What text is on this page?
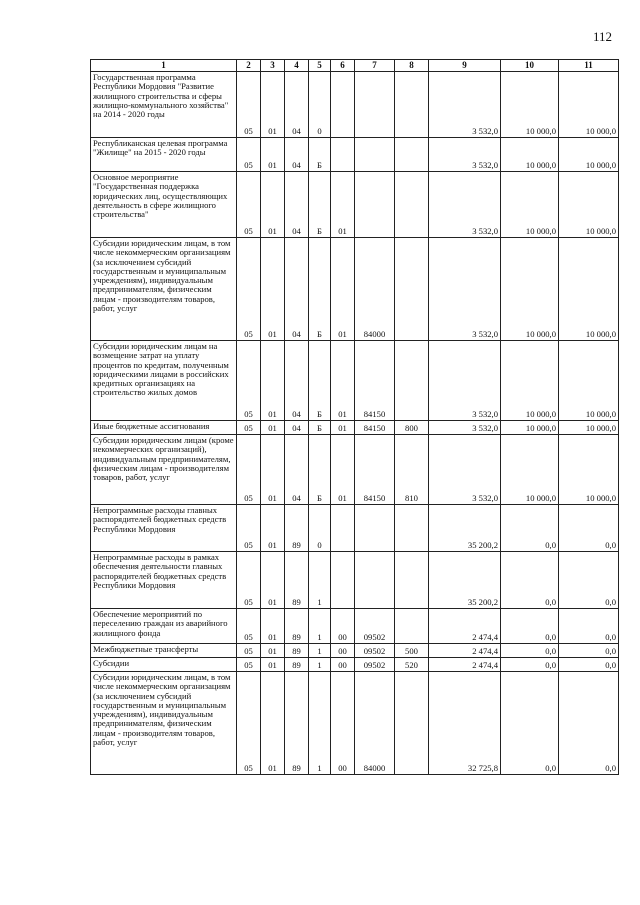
112
1	2	3	4	5	6	7	8	9	10	11
Государственная программа Республики Мордовия "Развитие жилищного строительства и сферы жилищно-коммунального хозяйства" на 2014 - 2020 годы	05	01	04	0				3 532,0	10 000,0	10 000,0
Республиканская целевая программа "Жилище" на 2015 - 2020 годы	05	01	04	Б				3 532,0	10 000,0	10 000,0
Основное мероприятие "Государственная поддержка юридических лиц, осуществляющих деятельность в сфере жилищного строительства"	05	01	04	Б	01			3 532,0	10 000,0	10 000,0
Субсидии юридическим лицам, в том числе некоммерческим организациям (за исключением субсидий государственным и муниципальным учреждениям), индивидуальным предпринимателям, физическим лицам - производителям товаров, работ, услуг	05	01	04	Б	01	84000		3 532,0	10 000,0	10 000,0
Субсидии юридическим лицам на возмещение затрат на уплату процентов по кредитам, полученным юридическими лицами в российских кредитных организациях на строительство жилых домов	05	01	04	Б	01	84150		3 532,0	10 000,0	10 000,0
Иные бюджетные ассигнования	05	01	04	Б	01	84150	800	3 532,0	10 000,0	10 000,0
Субсидии юридическим лицам (кроме некоммерческих организаций), индивидуальным предпринимателям, физическим лицам - производителям товаров, работ, услуг	05	01	04	Б	01	84150	810	3 532,0	10 000,0	10 000,0
Непрограммные расходы главных распорядителей бюджетных средств Республики Мордовия	05	01	89	0				35 200,2	0,0	0,0
Непрограммные расходы в рамках обеспечения деятельности главных распорядителей бюджетных средств Республики Мордовия	05	01	89	1				35 200,2	0,0	0,0
Обеспечение мероприятий по переселению граждан из аварийного жилищного фонда	05	01	89	1	00	09502		2 474,4	0,0	0,0
Межбюджетные трансферты	05	01	89	1	00	09502	500	2 474,4	0,0	0,0
Субсидии	05	01	89	1	00	09502	520	2 474,4	0,0	0,0
Субсидии юридическим лицам, в том числе некоммерческим организациям (за исключением субсидий государственным и муниципальным учреждениям), индивидуальным предпринимателям, физическим лицам - производителям товаров, работ, услуг	05	01	89	1	00	84000		32 725,8	0,0	0,0
